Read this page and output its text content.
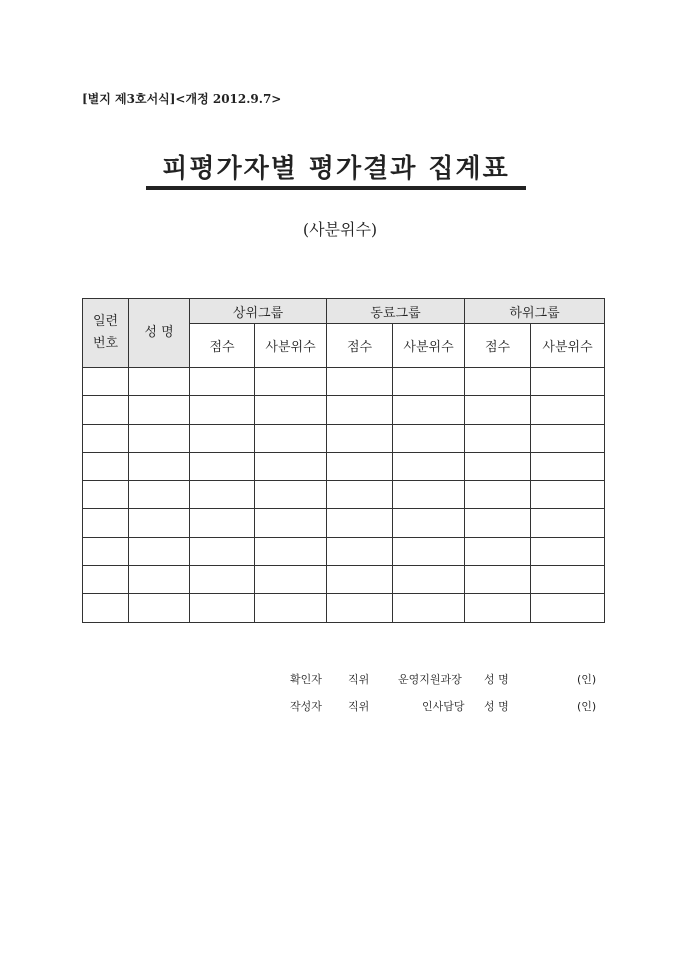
[별지 제3호서식]<개정 2012.9.7>
피평가자별 평가결과 집계표
(사분위수)
일련
번호	성 명	상위그룹		동료그룹		하위그룹	
		점수	사분위수	점수	사분위수	점수	사분위수

확인자 직위	운영지원과장 성 명	(인)
작성자 직위	인사담당 성 명	(인)
